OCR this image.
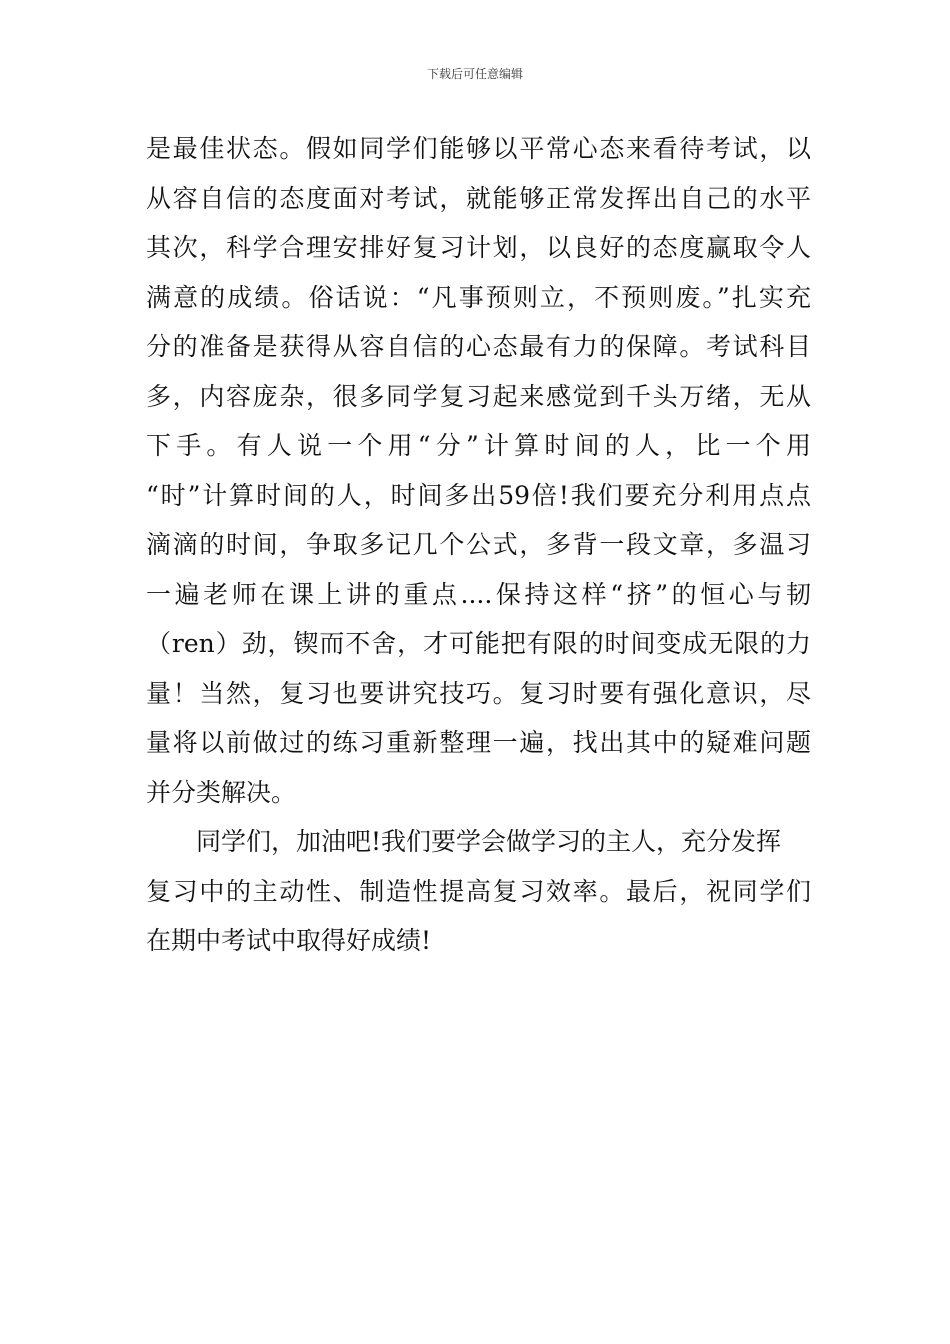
下载后可任意编辑
是最佳状态。假如同学们能够以平常心态来看待考试，以
从容自信的态度面对考试，就能够正常发挥出自己的水平
其次，科学合理安排好复习计划，以良好的态度赢取令人
满意的成绩。俗话说：“凡事预则立，不预则废。”扎实充
分的准备是获得从容自信的心态最有力的保障。考试科目
多，内容庞杂，很多同学复习起来感觉到千头万绪，无从
下手。有人说一个用“分”计算时间的人，比一个用
“时”计算时间的人，时间多出59倍!我们要充分利用点点
滴滴的时间，争取多记几个公式，多背一段文章，多温习
一遍老师在课上讲的重点....保持这样“挤”的恒心与韧
（ren）劲，锲而不舍，才可能把有限的时间变成无限的力
量！当然，复习也要讲究技巧。复习时要有强化意识，尽
量将以前做过的练习重新整理一遍，找出其中的疑难问题
并分类解决。
同学们，加油吧!我们要学会做学习的主人，充分发挥
复习中的主动性、制造性提高复习效率。最后，祝同学们
在期中考试中取得好成绩!
